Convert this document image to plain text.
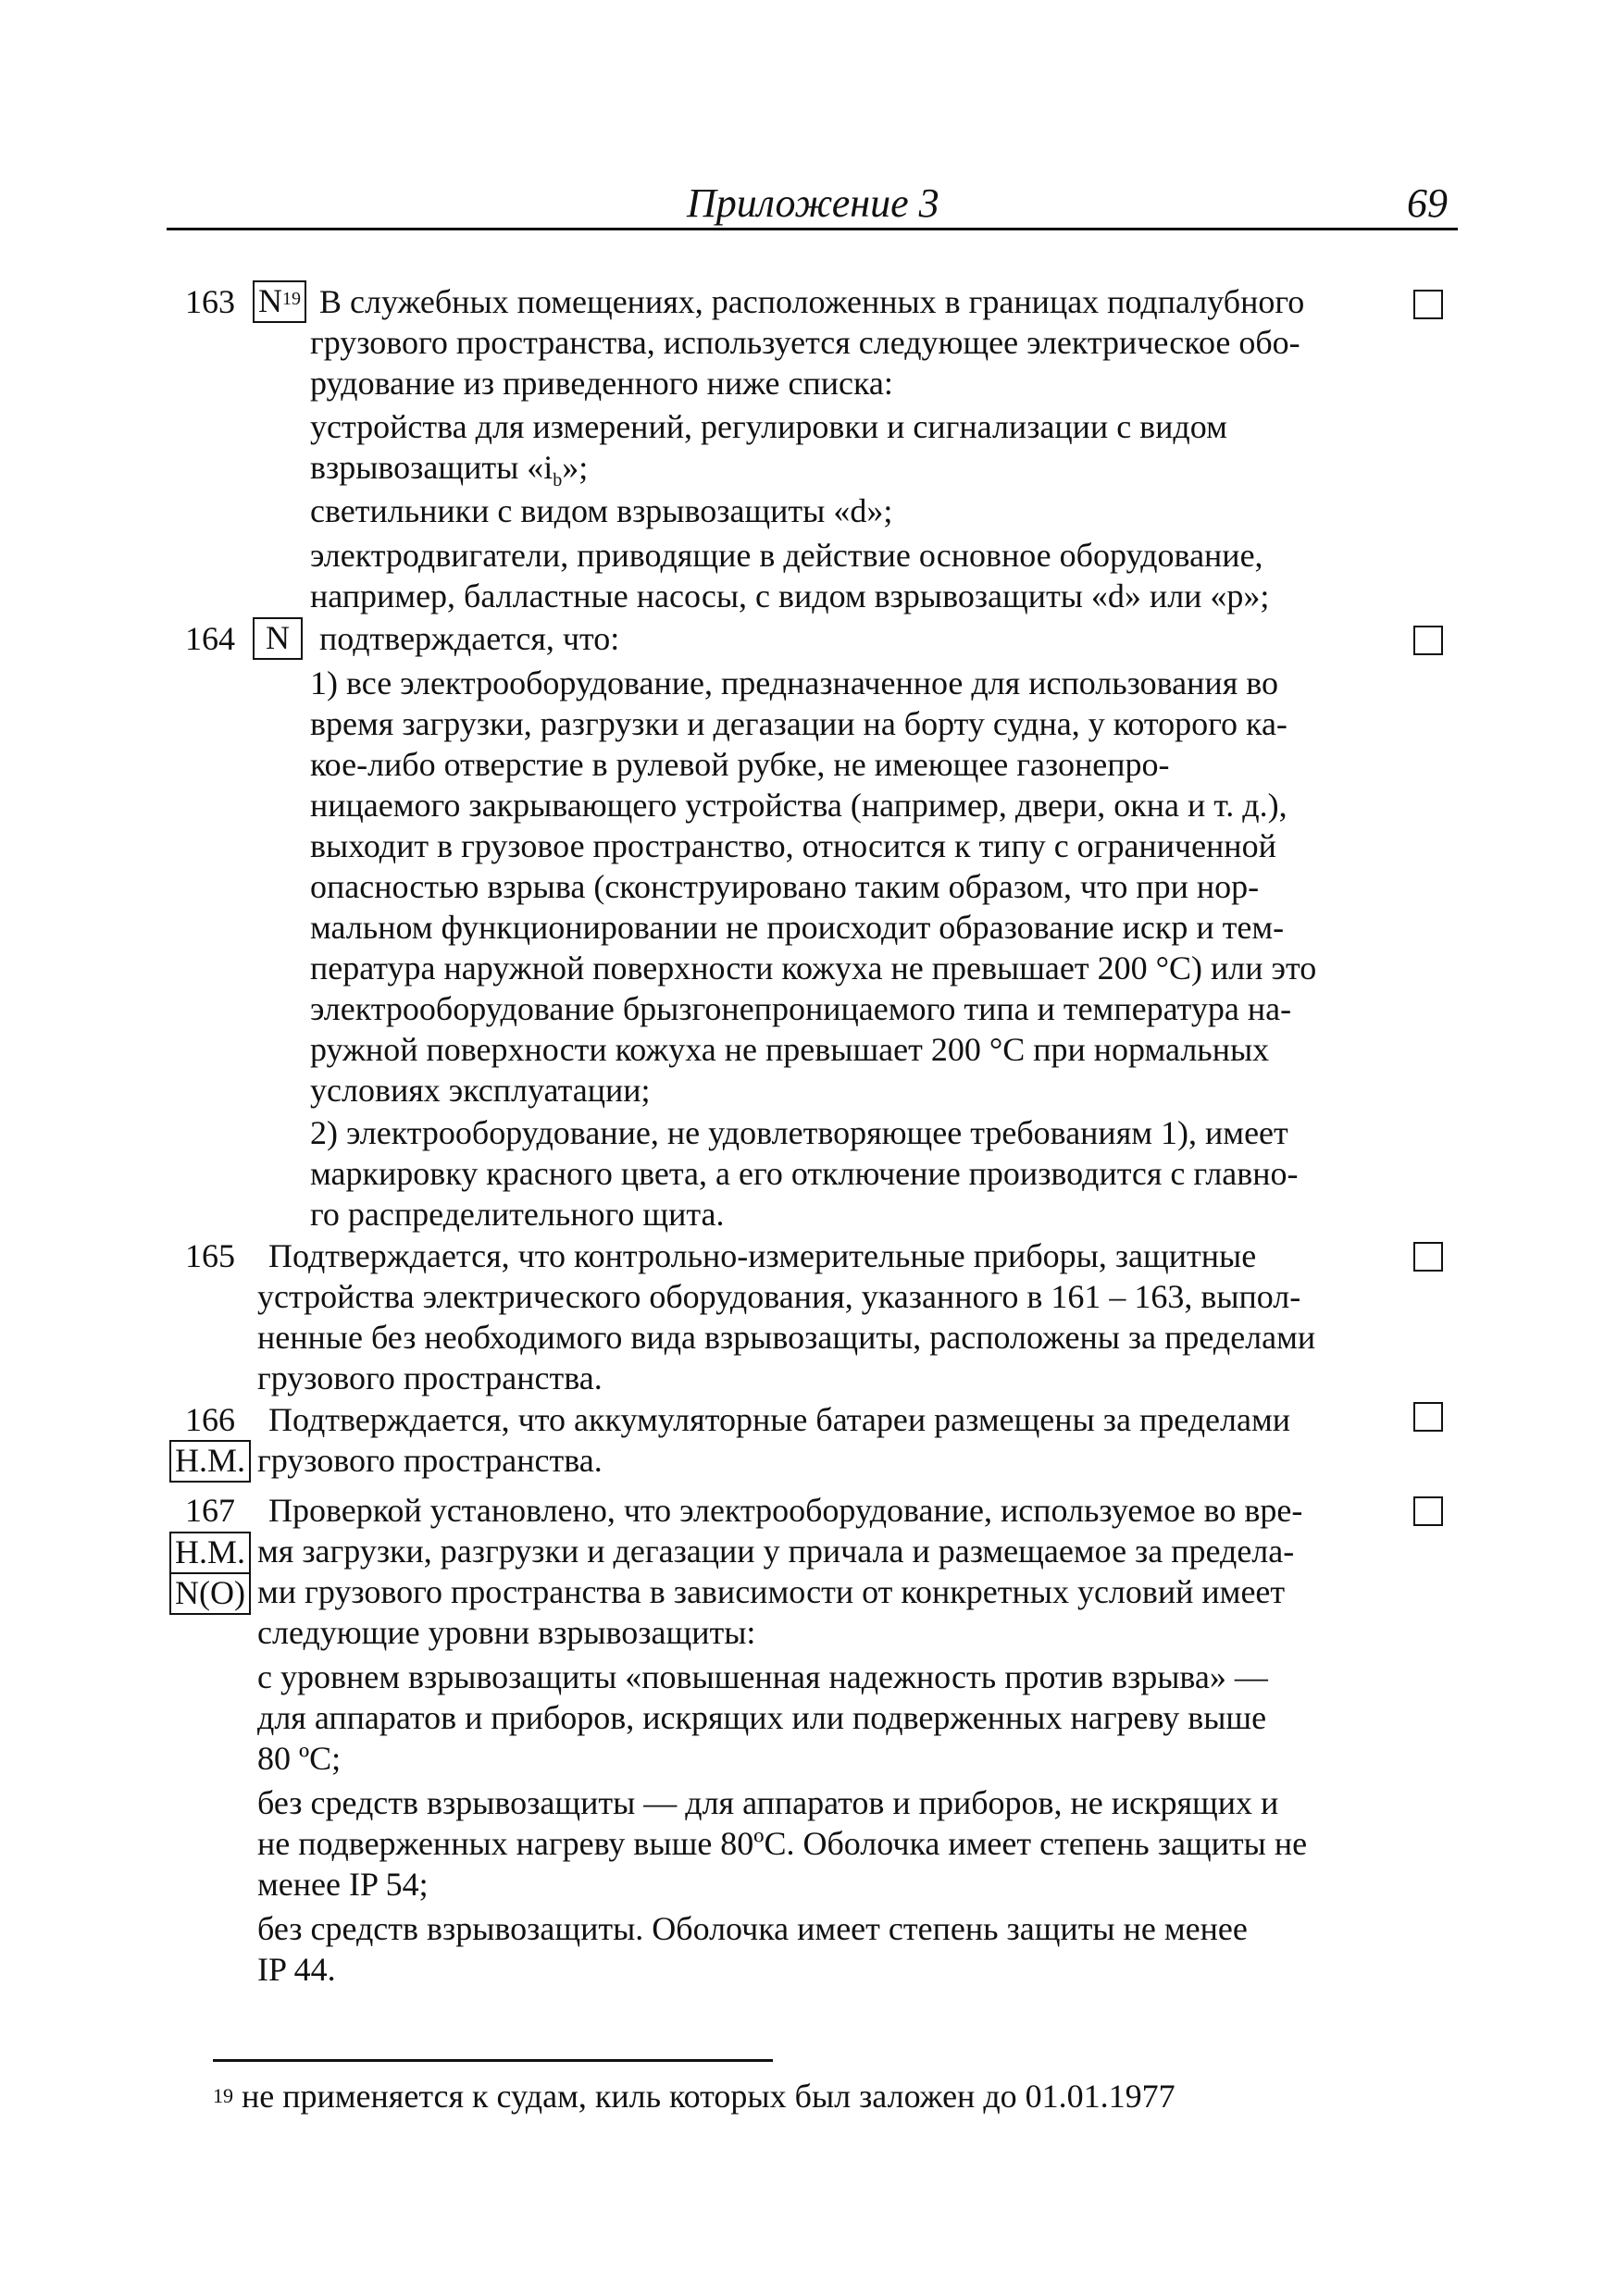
Приложение 3	69
163 $N^{19}$ В служебных помещениях, расположенных в границах подпалубного
грузового пространства, используется следующее электрическое обо-
рудование из приведенного ниже списка:
устройства для измерений, регулировки и сигнализации с видом
взрывозащиты «$i_b$»;
светильники с видом взрывозащиты «d»;
электродвигатели, приводящие в действие основное оборудование,
например, балластные насосы, с видом взрывозащиты «d» или «p»;
164 N подтверждается, что:
1) все электрооборудование, предназначенное для использования во
время загрузки, разгрузки и дегазации на борту судна, у которого ка-
кое-либо отверстие в рулевой рубке, не имеющее газонепро-
ницаемого закрывающего устройства (например, двери, окна и т. д.),
выходит в грузовое пространство, относится к типу с ограниченной
опасностью взрыва (сконструировано таким образом, что при нор-
мальном функционировании не происходит образование искр и тем-
пература наружной поверхности кожуха не превышает 200 °С) или это
электрооборудование брызгонепроницаемого типа и температура на-
ружной поверхности кожуха не превышает 200 °С при нормальных
условиях эксплуатации;
2) электрооборудование, не удовлетворяющее требованиям 1), имеет
маркировку красного цвета, а его отключение производится с главно-
го распределительного щита.
165 Подтверждается, что контрольно-измерительные приборы, защитные
устройства электрического оборудования, указанного в 161 – 163, выпол-
ненные без необходимого вида взрывозащиты, расположены за пределами
грузового пространства.
166 Подтверждается, что аккумуляторные батареи размещены за пределами
Н.М. грузового пространства.
167 Проверкой установлено, что электрооборудование, используемое во вре-
Н.М. мя загрузки, разгрузки и дегазации у причала и размещаемое за предела-
N(O) ми грузового пространства в зависимости от конкретных условий имеет
следующие уровни взрывозащиты:
с уровнем взрывозащиты «повышенная надежность против взрыва» —
для аппаратов и приборов, искрящих или подверженных нагреву выше
80 ºС;
без средств взрывозащиты — для аппаратов и приборов, не искрящих и
не подверженных нагреву выше 80ºС. Оболочка имеет степень защиты не
менее IP 54;
без средств взрывозащиты. Оболочка имеет степень защиты не менее
IP 44.
$^{19}$ не применяется к судам, киль которых был заложен до 01.01.1977
